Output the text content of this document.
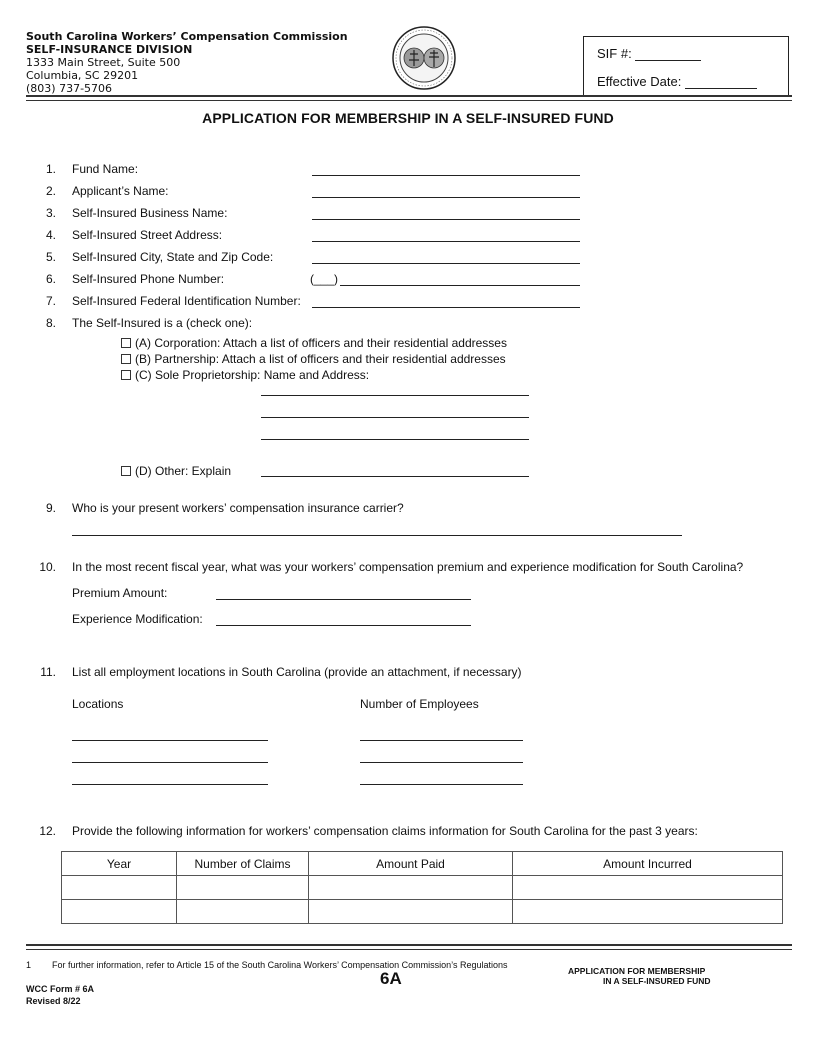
South Carolina Workers’ Compensation Commission
SELF-INSURANCE DIVISION
1333 Main Street, Suite 500
Columbia, SC 29201
(803) 737-5706
SIF #:
Effective Date:
APPLICATION FOR MEMBERSHIP IN A SELF-INSURED FUND
1. Fund Name:
2. Applicant’s Name:
3. Self-Insured Business Name:
4. Self-Insured Street Address:
5. Self-Insured City, State and Zip Code:
6. Self-Insured Phone Number:	(___)
7. Self-Insured Federal Identification Number:
8. The Self-Insured is a (check one):
(A) Corporation: Attach a list of officers and their residential addresses
(B) Partnership: Attach a list of officers and their residential addresses
(C) Sole Proprietorship: Name and Address:
(D) Other: Explain
9. Who is your present workers’ compensation insurance carrier?
10. In the most recent fiscal year, what was your workers’ compensation premium and experience modification for South Carolina?
Premium Amount:
Experience Modification:
11. List all employment locations in South Carolina (provide an attachment, if necessary)
Locations	Number of Employees
12. Provide the following information for workers’ compensation claims information for South Carolina for the past 3 years:
Year	Number of Claims	Amount Paid	Amount Incurred

1 For further information, refer to Article 15 of the South Carolina Workers’ Compensation Commission’s Regulations
WCC Form # 6A
Revised 8/22
6A	APPLICATION FOR MEMBERSHIP
IN A SELF-INSURED FUND
